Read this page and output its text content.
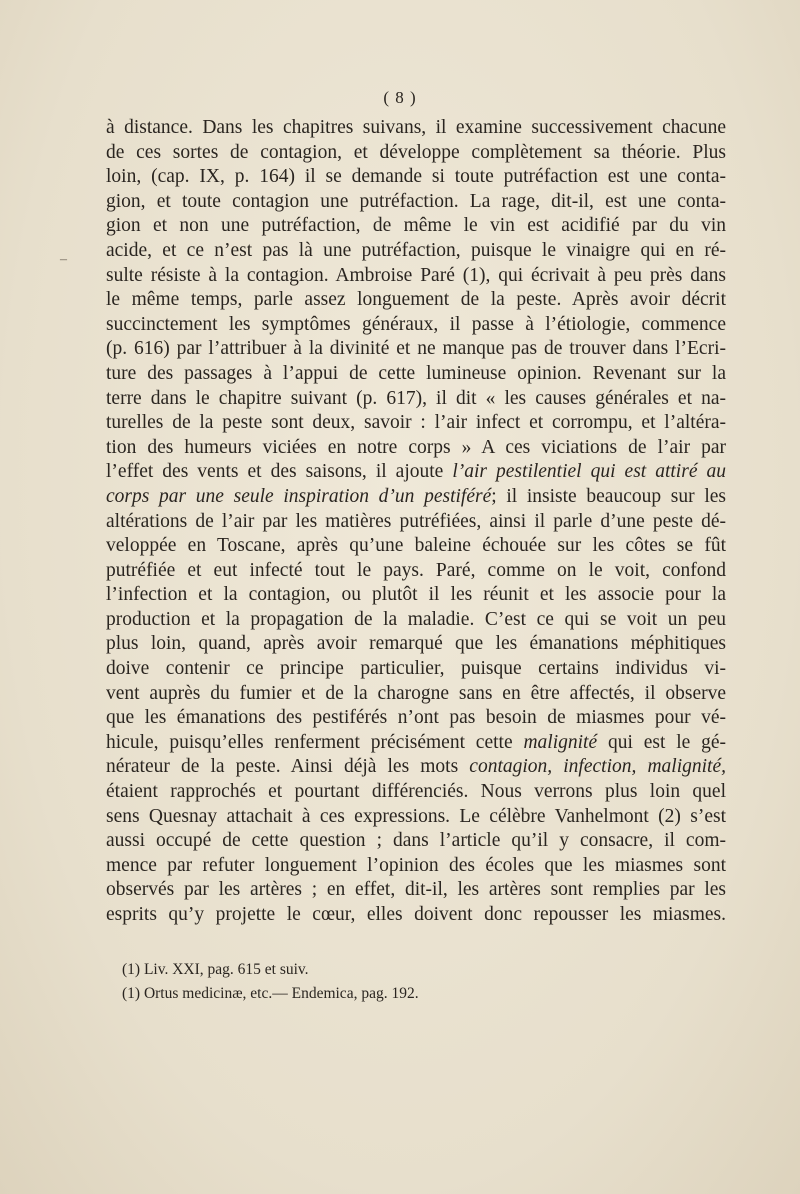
( 8 )
–
à distance. Dans les chapitres suivans, il examine successivement chacune
de ces sortes de contagion, et développe complètement sa théorie. Plus
loin, (cap. IX, p. 164) il se demande si toute putréfaction est une conta-
gion, et toute contagion une putréfaction. La rage, dit-il, est une conta-
gion et non une putréfaction, de même le vin est acidifié par du vin
acide, et ce n’est pas là une putréfaction, puisque le vinaigre qui en ré-
sulte résiste à la contagion. Ambroise Paré (1), qui écrivait à peu près dans
le même temps, parle assez longuement de la peste. Après avoir décrit
succinctement les symptômes généraux, il passe à l’étiologie, commence
(p. 616) par l’attribuer à la divinité et ne manque pas de trouver dans l’Ecri-
ture des passages à l’appui de cette lumineuse opinion. Revenant sur la
terre dans le chapitre suivant (p. 617), il dit « les causes générales et na-
turelles de la peste sont deux, savoir : l’air infect et corrompu, et l’altéra-
tion des humeurs viciées en notre corps » A ces viciations de l’air par
l’effet des vents et des saisons, il ajoute l’air pestilentiel qui est attiré au
corps par une seule inspiration d’un pestiféré; il insiste beaucoup sur les
altérations de l’air par les matières putréfiées, ainsi il parle d’une peste dé-
veloppée en Toscane, après qu’une baleine échouée sur les côtes se fût
putréfiée et eut infecté tout le pays. Paré, comme on le voit, confond
l’infection et la contagion, ou plutôt il les réunit et les associe pour la
production et la propagation de la maladie. C’est ce qui se voit un peu
plus loin, quand, après avoir remarqué que les émanations méphitiques
doive contenir ce principe particulier, puisque certains individus vi-
vent auprès du fumier et de la charogne sans en être affectés, il observe
que les émanations des pestiférés n’ont pas besoin de miasmes pour vé-
hicule, puisqu’elles renferment précisément cette malignité qui est le gé-
nérateur de la peste. Ainsi déjà les mots contagion, infection, malignité,
étaient rapprochés et pourtant différenciés. Nous verrons plus loin quel
sens Quesnay attachait à ces expressions. Le célèbre Vanhelmont (2) s’est
aussi occupé de cette question ; dans l’article qu’il y consacre, il com-
mence par refuter longuement l’opinion des écoles que les miasmes sont
observés par les artères ; en effet, dit-il, les artères sont remplies par les
esprits qu’y projette le cœur, elles doivent donc repousser les miasmes.
(1) Liv. XXI, pag. 615 et suiv.
(1) Ortus medicinæ, etc.— Endemica, pag. 192.
